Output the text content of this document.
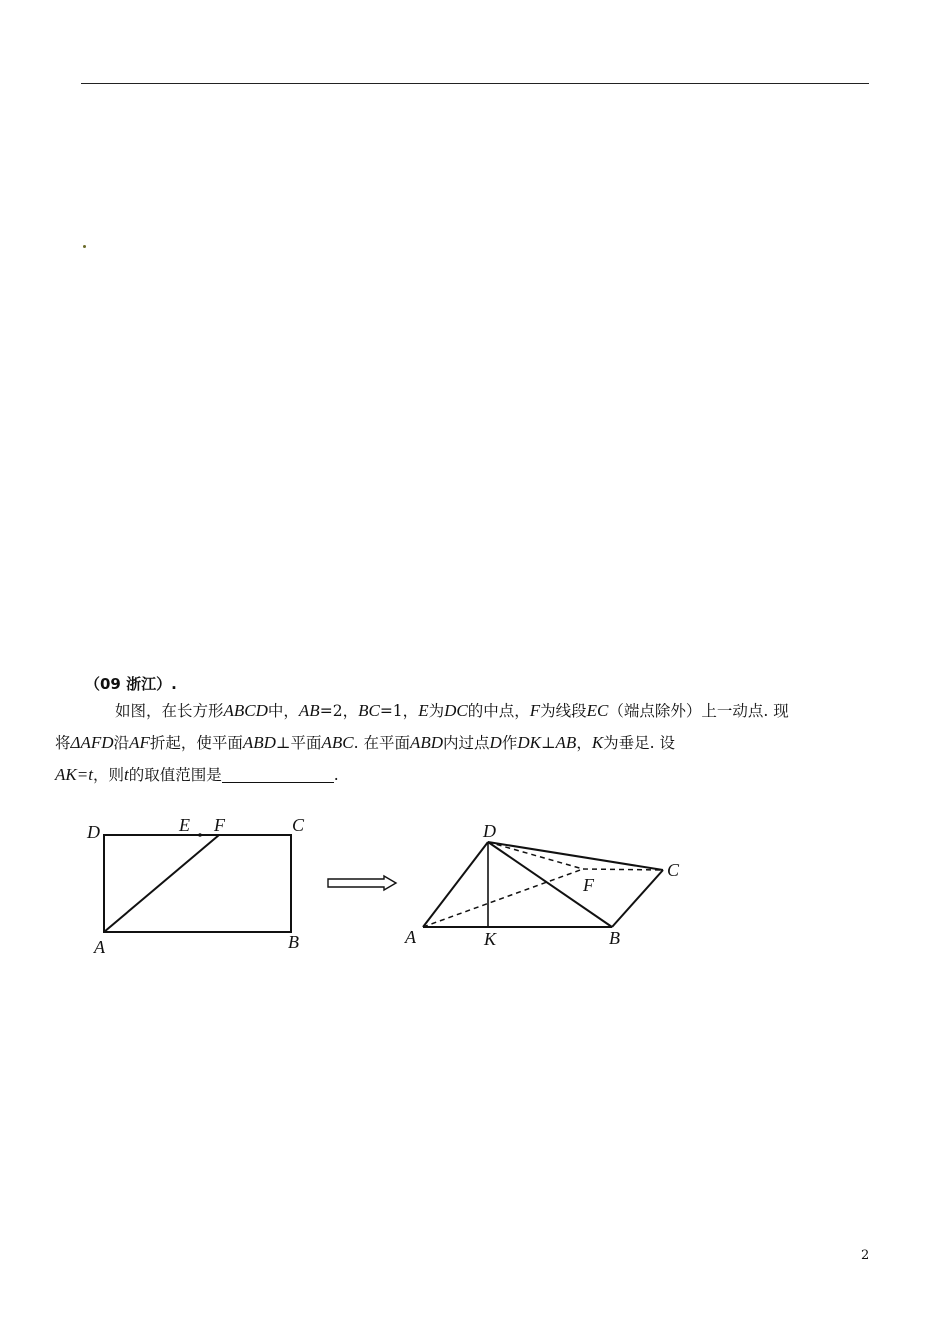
（09 浙江）.
如图，在长方形ABCD中，AB=2，BC=1，E为DC的中点，F为线段EC（端点除外）上一动点. 现
将ΔAFD沿AF折起，使平面ABD⊥平面ABC. 在平面ABD内过点D作DK⊥AB，K为垂足. 设
AK=t，则t的取值范围是	.
D	E F	C
A	B
D
C
F
A	K	B
2
